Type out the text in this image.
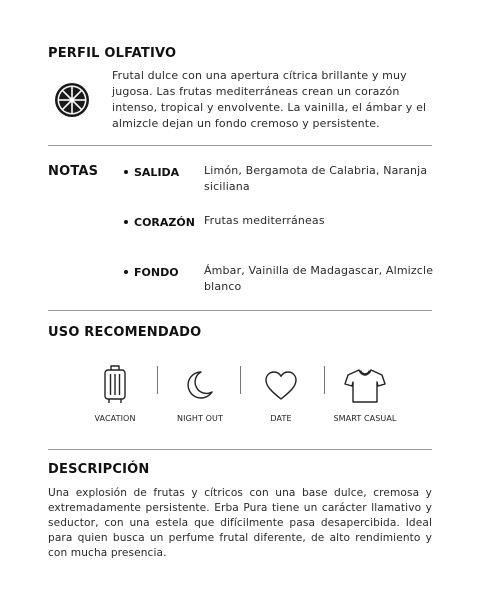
PERFIL OLFATIVO
Frutal dulce con una apertura cítrica brillante y muy jugosa. Las frutas mediterráneas crean un corazón intenso, tropical y envolvente. La vainilla, el ámbar y el almizcle dejan un fondo cremoso y persistente.
NOTAS	SALIDA Limón, Bergamota de Calabria, Naranja siciliana
CORAZÓN Frutas mediterráneas
FONDO Ámbar, Vainilla de Madagascar, Almizcle blanco
USO RECOMENDADO
VACATION	NIGHT OUT	DATE	SMART CASUAL
DESCRIPCIÓN
Una explosión de frutas y cítricos con una base dulce, cremosa y extremadamente persistente. Erba Pura tiene un carácter llamativo y seductor, con una estela que difícilmente pasa desapercibida. Ideal para quien busca un perfume frutal diferente, de alto rendimiento y con mucha presencia.
